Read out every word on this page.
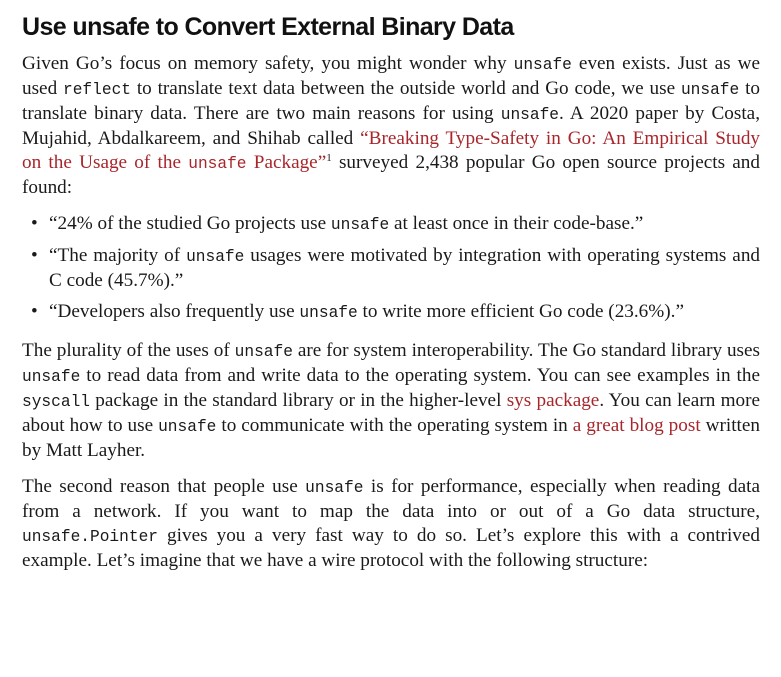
Use unsafe to Convert External Binary Data

Given Go’s focus on memory safety, you might wonder why unsafe even exists. Just as we used reflect to translate text data between the outside world and Go code, we use unsafe to translate binary data. There are two main reasons for using unsafe. A 2020 paper by Costa, Mujahid, Abdalkareem, and Shihab called “Breaking Type-Safety in Go: An Empirical Study on the Usage of the unsafe Package”$^1$ surveyed 2,438 popular Go open source projects and found:

• “24% of the studied Go projects use unsafe at least once in their code-base.”
• “The majority of unsafe usages were motivated by integration with operating systems and C code (45.7%).”
• “Developers also frequently use unsafe to write more efficient Go code (23.6%).”

The plurality of the uses of unsafe are for system interoperability. The Go standard library uses unsafe to read data from and write data to the operating system. You can see examples in the syscall package in the standard library or in the higher-level sys package. You can learn more about how to use unsafe to communicate with the operating system in a great blog post written by Matt Layher.

The second reason that people use unsafe is for performance, especially when reading data from a network. If you want to map the data into or out of a Go data structure, unsafe.Pointer gives you a very fast way to do so. Let’s explore this with a contrived example. Let’s imagine that we have a wire protocol with the following structure:
